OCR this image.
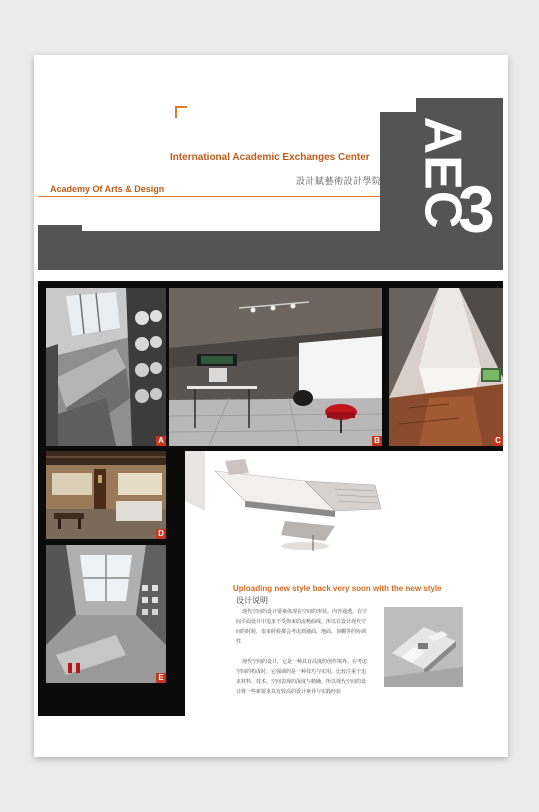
International Academic Exchanges Center
設計賦藝術設計學院
Academy Of Arts & Design	AEC
3
A	B	C
D
E
Uploading new style back very soon with the new style
设计说明
现代空间的设计要素体现在空间的形状、内外通透，在空间平面设计中追求不受拘束的流畅曲线。所以在设计现代空间的时候，很多时候都会考虑到墙面、地面、顶棚等的协调性
现代空间的设计，它是一种具有高度的创作境界。在考虑空间的构成时，它强调的是一种技巧与实用，比较注重于追求材料、技术、空间表现的深度与精确。所以现代空间的设计将一些新要求具有较高的设计素养与实践经验
